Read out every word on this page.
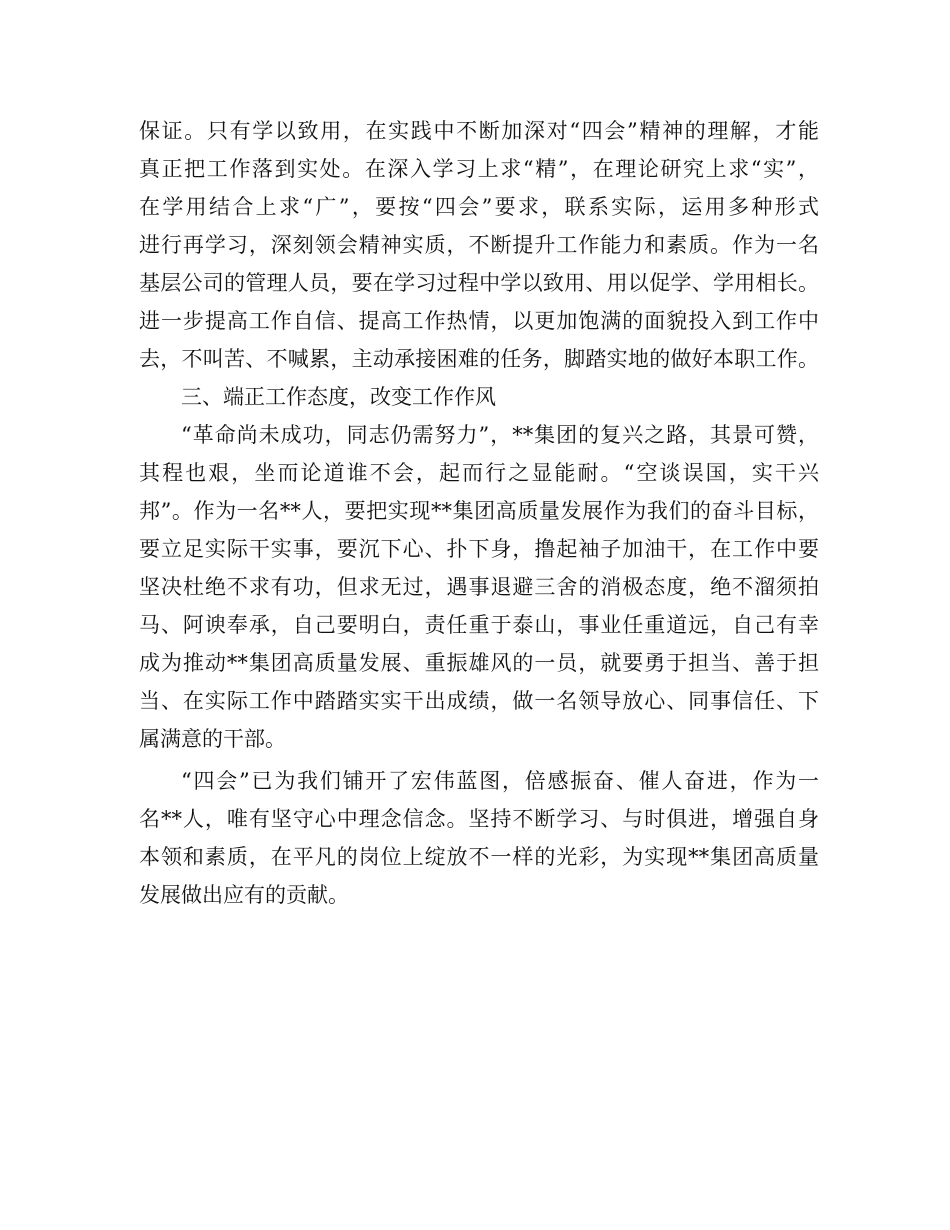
保证。只有学以致用，在实践中不断加深对“四会”精神的理解，才能
真正把工作落到实处。在深入学习上求“精”，在理论研究上求“实”，
在学用结合上求“广”，要按“四会”要求，联系实际，运用多种形式
进行再学习，深刻领会精神实质，不断提升工作能力和素质。作为一名
基层公司的管理人员，要在学习过程中学以致用、用以促学、学用相长。
进一步提高工作自信、提高工作热情，以更加饱满的面貌投入到工作中
去，不叫苦、不喊累，主动承接困难的任务，脚踏实地的做好本职工作。
三、端正工作态度，改变工作作风
“革命尚未成功，同志仍需努力”，**集团的复兴之路，其景可赞，
其程也艰，坐而论道谁不会，起而行之显能耐。“空谈误国，实干兴
邦”。作为一名**人，要把实现**集团高质量发展作为我们的奋斗目标，
要立足实际干实事，要沉下心、扑下身，撸起袖子加油干，在工作中要
坚决杜绝不求有功，但求无过，遇事退避三舍的消极态度，绝不溜须拍
马、阿谀奉承，自己要明白，责任重于泰山，事业任重道远，自己有幸
成为推动**集团高质量发展、重振雄风的一员，就要勇于担当、善于担
当、在实际工作中踏踏实实干出成绩，做一名领导放心、同事信任、下
属满意的干部。
“四会”已为我们铺开了宏伟蓝图，倍感振奋、催人奋进，作为一
名**人，唯有坚守心中理念信念。坚持不断学习、与时俱进，增强自身
本领和素质，在平凡的岗位上绽放不一样的光彩，为实现**集团高质量
发展做出应有的贡献。
